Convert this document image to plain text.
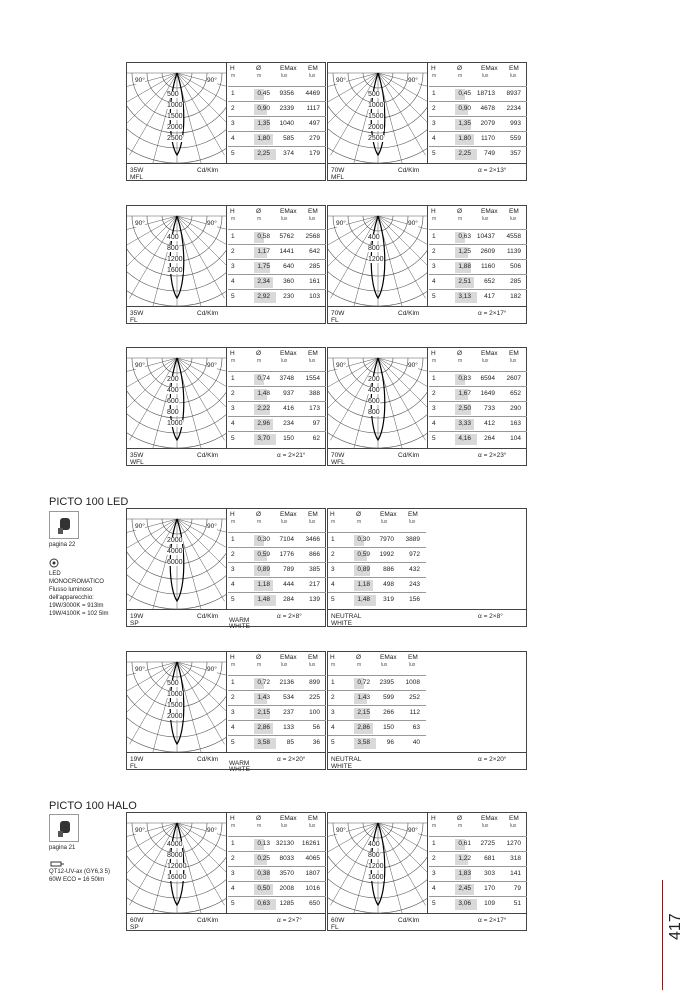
PICTO 100 LED
pagina 22
LED
MONOCROMATICO
Flusso luminoso
dell'apparecchio:
19W/3000K = 913lm
19W/4100K = 102 5lm
PICTO 100 HALO
pagina 21
QT12-UV-ax (GY6,3 5)
60W ECO = 16 50lm
90°	90°
500
1000
1500
2000
2500
H
m
Ø
m
EMax
lux
EM
lux
1	0,45	9356	4469
2	0,90	2339	1117
3	1,35	1040	497
4	1,80	585	279
5	2,25	374	179
35W
MFL
Cd/Klm
90°	90°
500
1000
1500
2000
2500
H
m
Ø
m
EMax
lux
EM
lux
1	0,45 18713	8937
2	0,90	4678	2234
3	1,35	2079	993
4	1,80	1170	559
5	2,25	749	357
70W
MFL
Cd/Klm	α = 2×13°
90°	90°
400
800
1200
1600
H
m
Ø
m
EMax
lux
EM
lux
1	0,58	5762	2568
2	1,17	1441	642
3	1,75	640	285
4	2,34	360	161
5	2,92	230	103
35W
FL
Cd/Klm
90°	90°
400
800
1200
H
m
Ø
m
EMax
lux
EM
lux
1	0,63 10437	4558
2	1,25	2609	1139
3	1,88	1160	506
4	2,51	652	285
5	3,13	417	182
70W
FL
Cd/Klm	α = 2×17°
90°	90°
200
400
600
800
1000
H
m
Ø
m
EMax
lux
EM
lux
1	0,74	3748	1554
2	1,48	937	388
3	2,22	416	173
4	2,96	234	97
5	3,70	150	62
35W
WFL
Cd/Klm	α = 2×21°
90°	90°
200
400
600
800
H
m
Ø
m
EMax
lux
EM
lux
1	0,83	6594	2607
2	1,67	1649	652
3	2,50	733	290
4	3,33	412	163
5	4,16	264	104
70W
WFL
Cd/Klm	α = 2×23°
90°	90°
2000
4000
6000
H
m
Ø
m
EMax
lux
EM
lux
1	0,30	7104	3466
2	0,59	1776	866
3	0,89	789	385
4	1,18	444	217
5	1,48	284	139
19W
SP
Cd/Klm
WARM
WHITE
α = 2×8°
H
m
Ø
m
EMax
lux
EM
lux
1	0,30	7970	3889
2	0,59	1992	972
3	0,89	886	432
4	1,18	498	243
5	1,48	319	156
NEUTRAL
WHITE
α = 2×8°
90°	90°
500
1000
1500
2000
H
m
Ø
m
EMax
lux
EM
lux
1	0,72	2136	899
2	1,43	534	225
3	2,15	237	100
4	2,86	133	56
5	3,58	85	36
19W
FL
Cd/Klm
WARM
WHITE
α = 2×20°
H
m
Ø
m
EMax
lux
EM
lux
1	0,72	2395	1008
2	1,43	599	252
3	2,15	266	112
4	2,86	150	63
5	3,58	96	40
NEUTRAL
WHITE
α = 2×20°
90°	90°
4000
8000
12000
16000
H
m
Ø
m
EMax
lux
EM
lux
1	0,13 32130	16261
2	0,25	8033	4065
3	0,38	3570	1807
4	0,50	2008	1016
5	0,63	1285	650
60W
SP
Cd/Klm	α = 2×7°
90°	90°
400
800
1200
1600
H
m
Ø
m
EMax
lux
EM
lux
1	0,61	2725	1270
2	1,22	681	318
3	1,83	303	141
4	2,45	170	79
5	3,06	109	51
60W
FL
Cd/Klm	α = 2×17°	417
